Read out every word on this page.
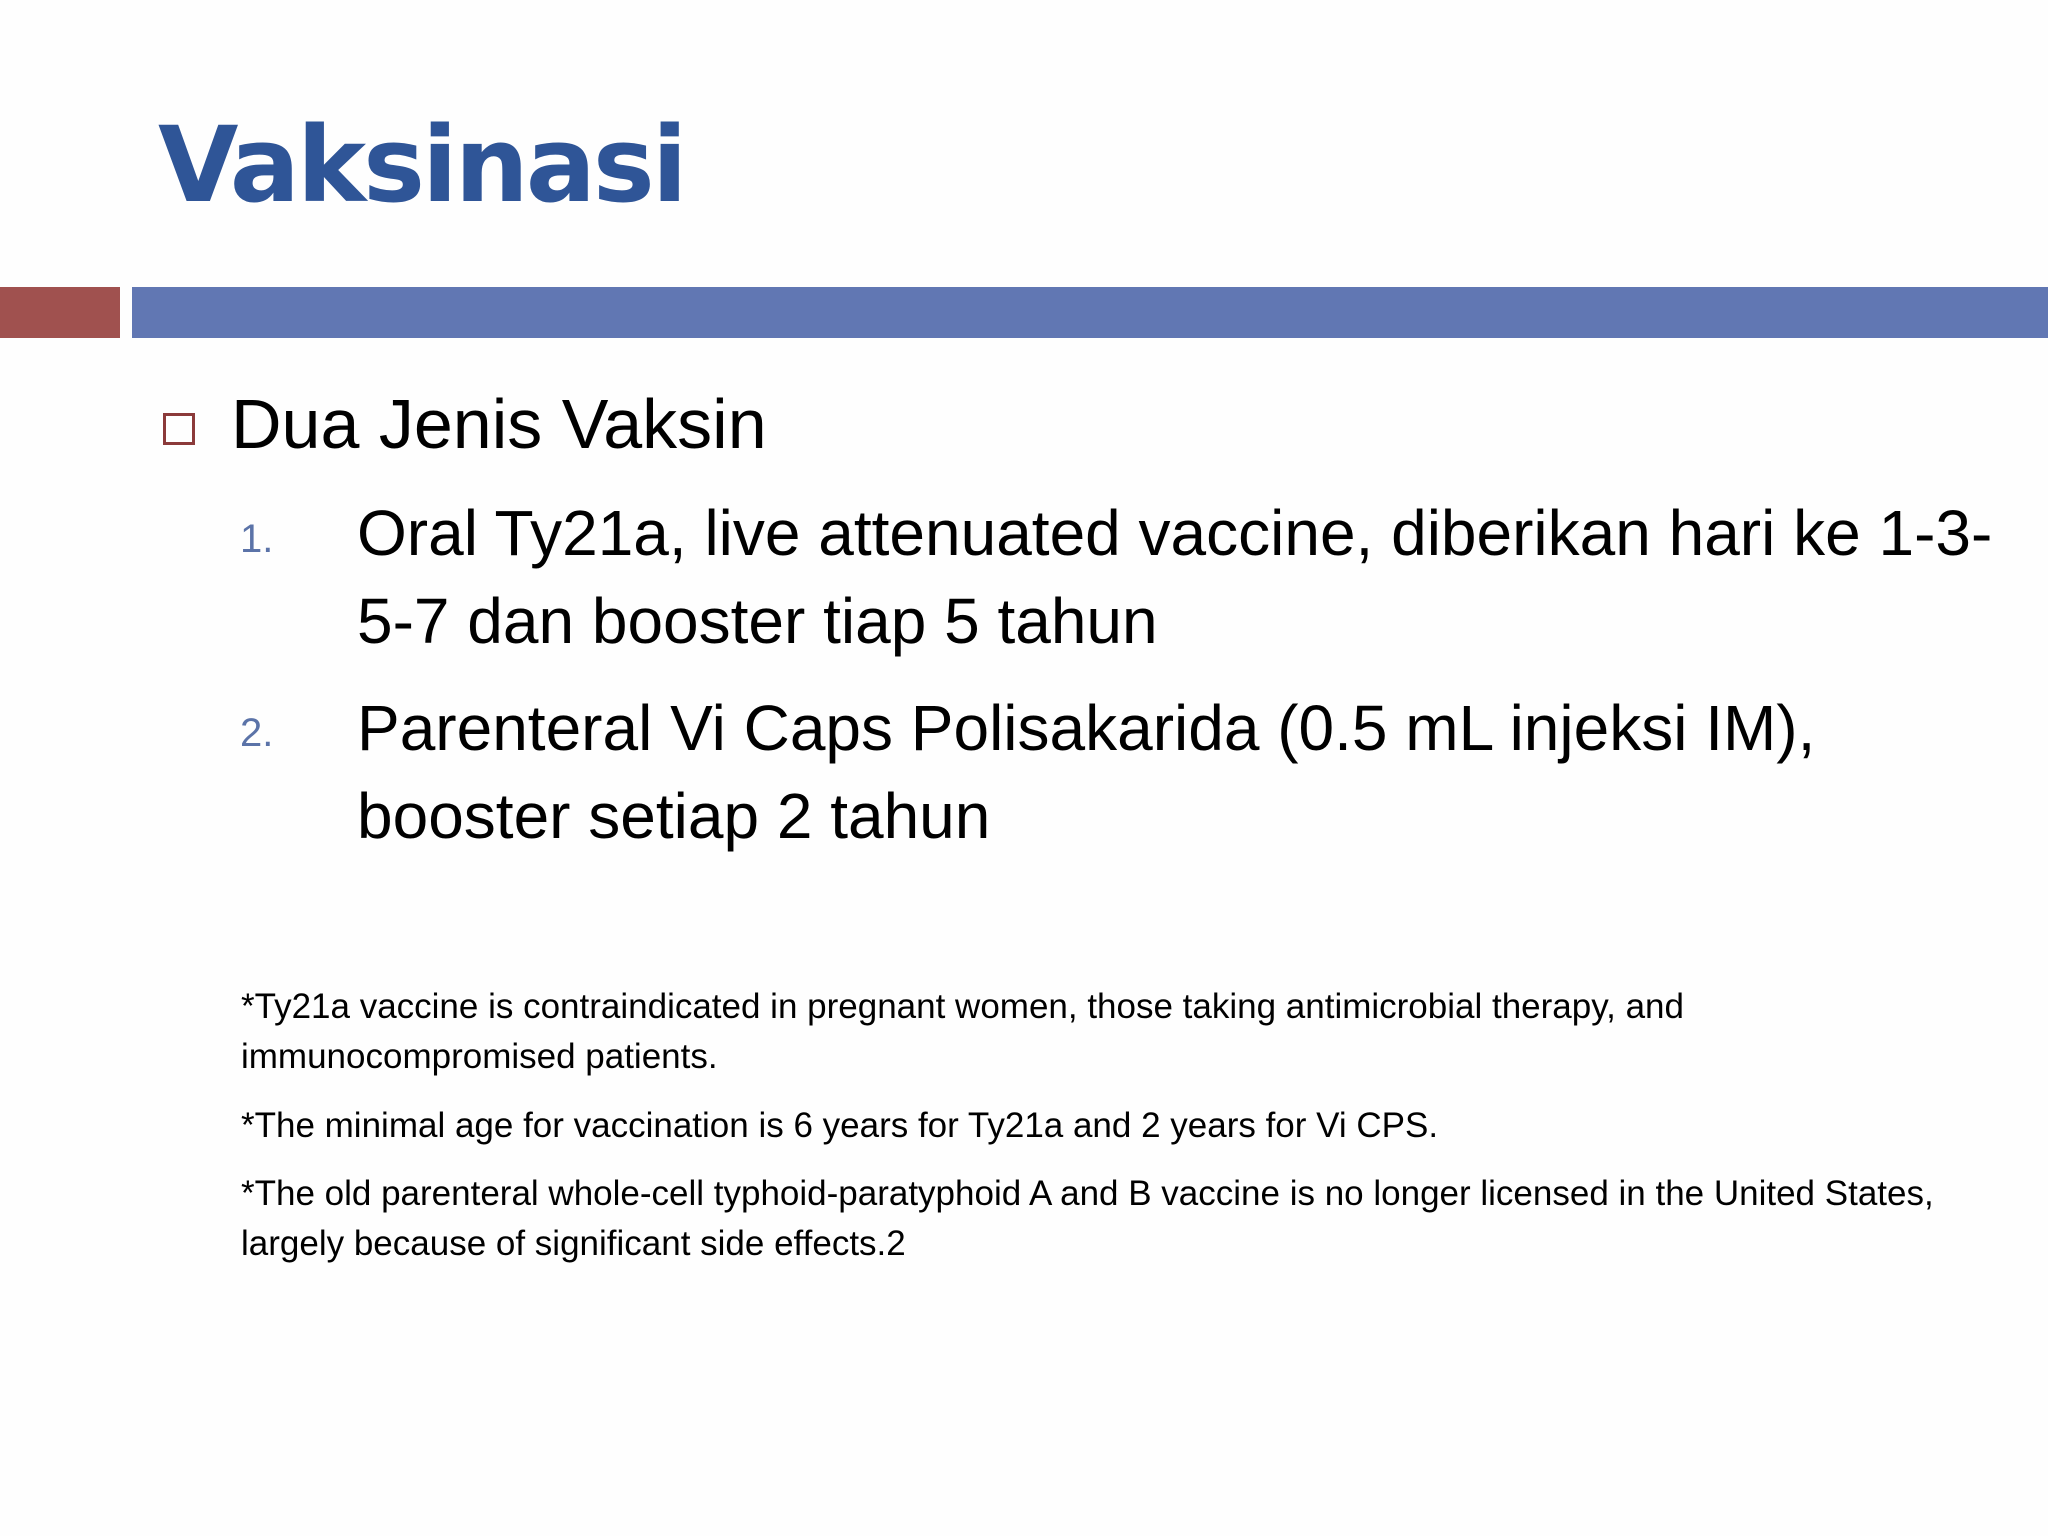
Vaksinasi

Dua Jenis Vaksin

1. Oral Ty21a, live attenuated vaccine, diberikan hari ke 1-3-5-7 dan booster tiap 5 tahun
2. Parenteral Vi Caps Polisakarida (0.5 mL injeksi IM), booster setiap 2 tahun

*Ty21a vaccine is contraindicated in pregnant women, those taking antimicrobial therapy, and immunocompromised patients.

*The minimal age for vaccination is 6 years for Ty21a and 2 years for Vi CPS.

*The old parenteral whole-cell typhoid-paratyphoid A and B vaccine is no longer licensed in the United States, largely because of significant side effects.2
